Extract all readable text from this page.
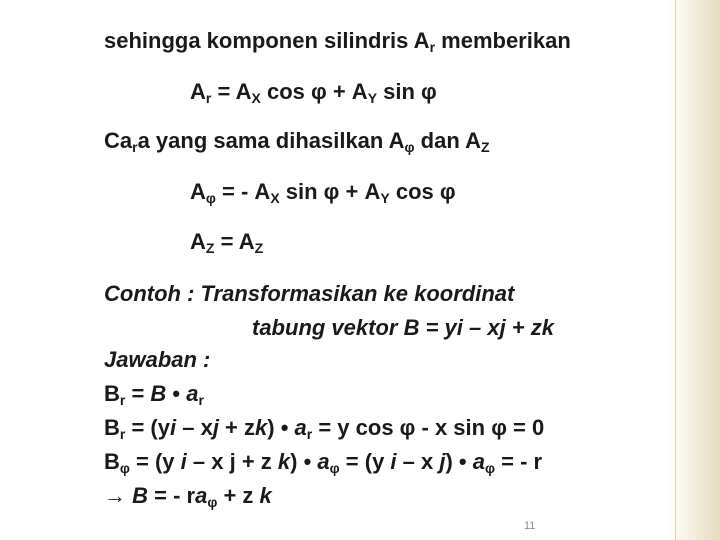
sehingga komponen silindris $A_r$ memberikan
$A_r = A_X$ $\cos \varphi + A_Y$ sin φ
$Ca_ra$ yang sama dihasilkan $A_\varphi$ dan $A_Z$
$A_\varphi$ = - $A_X$ $\sin \varphi + A_Y$ cos φ
$A_Z = A_Z$
Contoh : Transformasikan ke koordinat
tabung vektor B = yi – xj + zk
Jawaban :
$B_r = B$ • $a_r$
$B_r = (yi$ – xj + zk) • $a_r = y$ cos φ - x sin φ = 0
$B_\varphi = (y$ i – x j + z k) • $a_\varphi = (y$ i – x j) • $a_\varphi$ = - r
→ B = - $ra_\varphi + z$ k
11
